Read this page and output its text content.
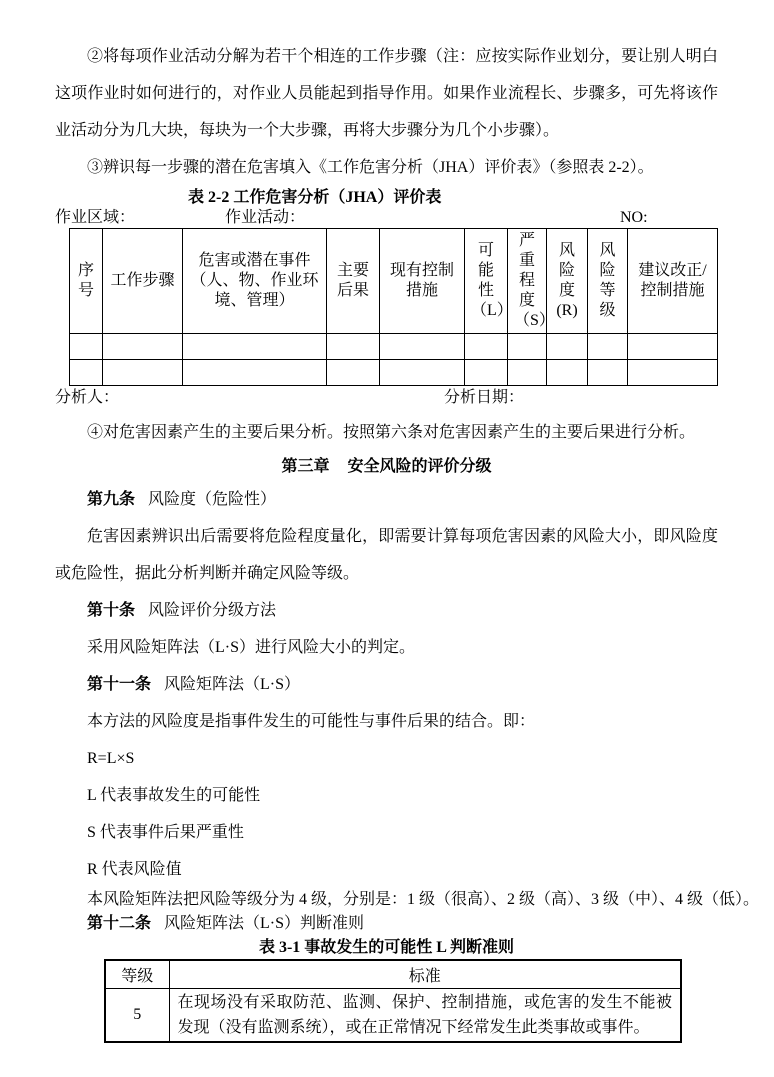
②将每项作业活动分解为若干个相连的工作步骤（注：应按实际作业划分，要让别人明白这项作业时如何进行的，对作业人员能起到指导作用。如果作业流程长、步骤多，可先将该作业活动分为几大块，每块为一个大步骤，再将大步骤分为几个小步骤）。

③辨识每一步骤的潜在危害填入《工作危害分析（JHA）评价表》（参照表 2-2）。

表 2-2 工作危害分析（JHA）评价表
作业区域：	作业活动：	NO:
序号	工作步骤	危害或潜在事件（人、物、作业环境、管理）	主要后果	现有控制措施	可能性（L）	严重程度（S）	风险度(R)	风险等级	建议改正/控制措施

分析人：	分析日期：

④对危害因素产生的主要后果分析。按照第六条对危害因素产生的主要后果进行分析。

第三章 安全风险的评价分级

第九条 风险度（危险性）

危害因素辨识出后需要将危险程度量化，即需要计算每项危害因素的风险大小，即风险度或危险性，据此分析判断并确定风险等级。

第十条 风险评价分级方法

采用风险矩阵法（L·S）进行风险大小的判定。

第十一条 风险矩阵法（L·S）

本方法的风险度是指事件发生的可能性与事件后果的结合。即：

R=L×S

L 代表事故发生的可能性

S 代表事件后果严重性

R 代表风险值

本风险矩阵法把风险等级分为 4 级，分别是：1 级（很高）、2 级（高）、3 级（中）、4 级（低）。

第十二条 风险矩阵法（L·S）判断准则

表 3-1 事故发生的可能性 L 判断准则
等级	标准
5	在现场没有采取防范、监测、保护、控制措施，或危害的发生不能被发现（没有监测系统），或在正常情况下经常发生此类事故或事件。
